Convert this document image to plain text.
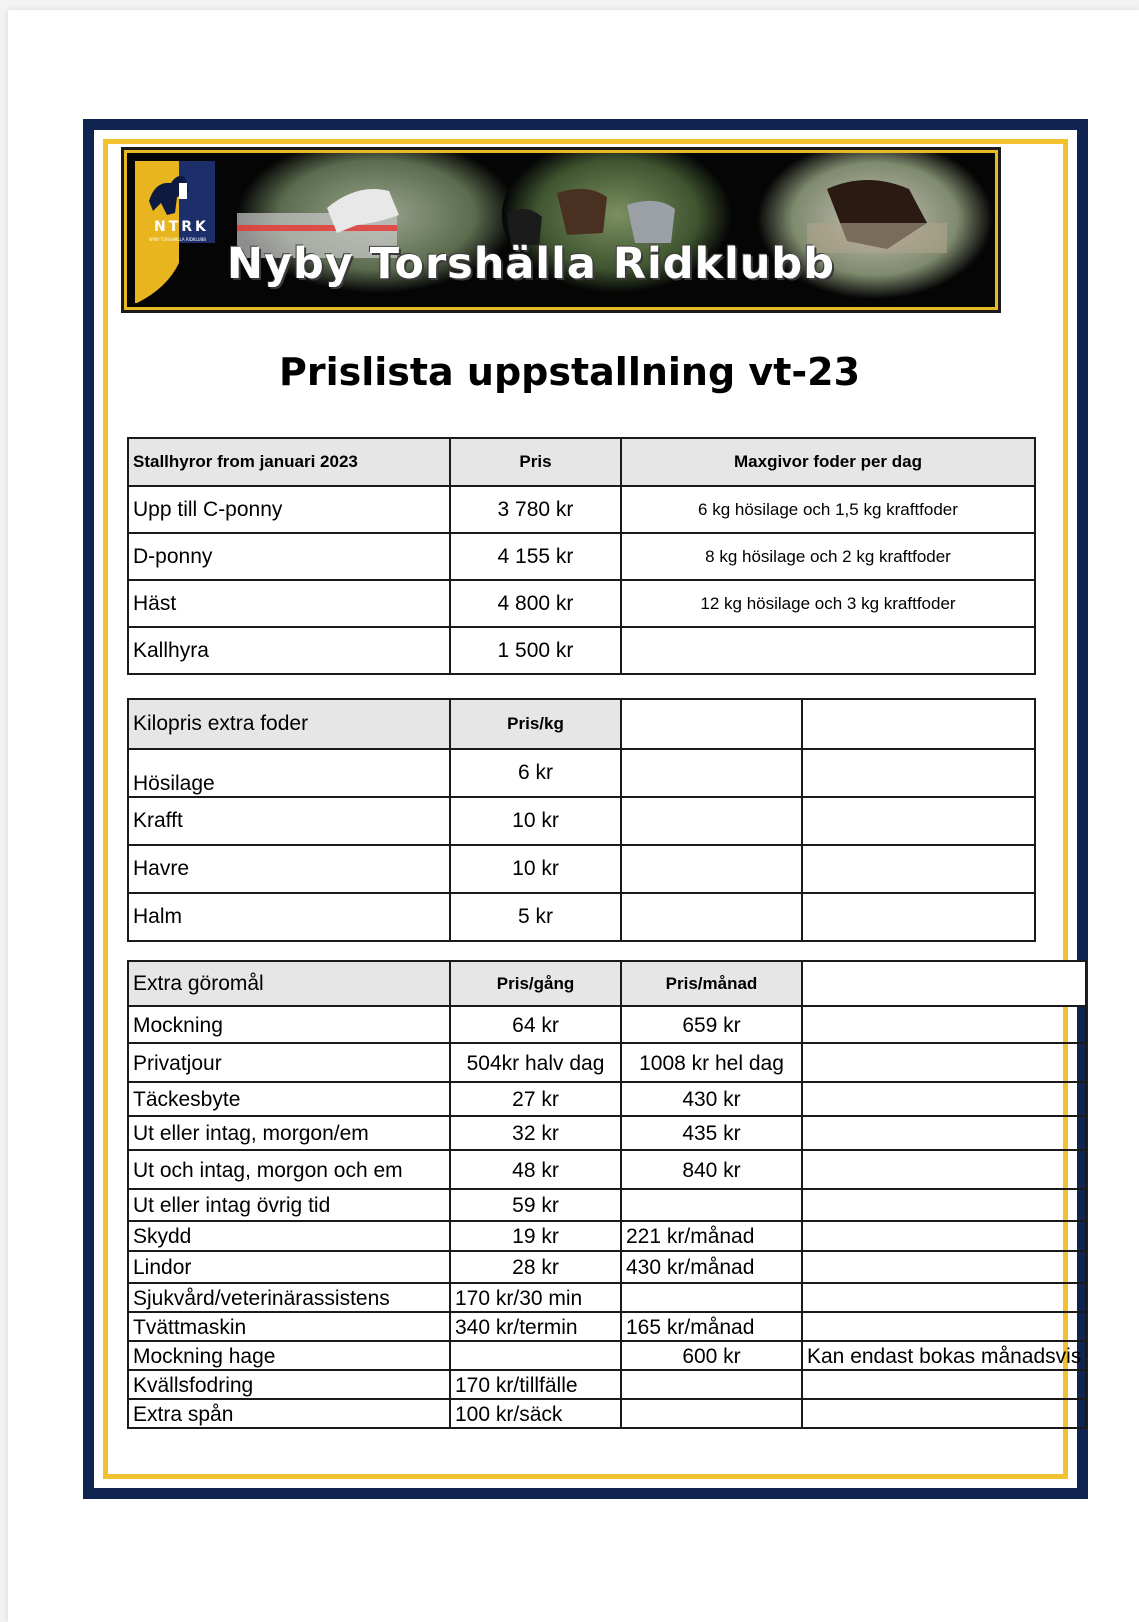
NTRK
NYBY TORSHÄLLA RIDKLUBB Nyby Torshälla Ridklubb
Prislista uppstallning vt-23
Stallhyror from januari 2023	Pris	Maxgivor foder per dag
Upp till C-ponny	3 780 kr	6 kg hösilage och 1,5 kg kraftfoder
D-ponny	4 155 kr	8 kg hösilage och 2 kg kraftfoder
Häst	4 800 kr	12 kg hösilage och 3 kg kraftfoder
Kallhyra	1 500 kr	
Kilopris extra foder	Pris/kg		
Hösilage	6 kr		
Krafft	10 kr		
Havre	10 kr		
Halm	5 kr		
Extra göromål	Pris/gång	Pris/månad	
Mockning	64 kr	659 kr	
Privatjour	504kr halv dag	1008 kr hel dag	
Täckesbyte	27 kr	430 kr	
Ut eller intag, morgon/em	32 kr	435 kr	
Ut och intag, morgon och em	48 kr	840 kr	
Ut eller intag övrig tid	59 kr		
Skydd	19 kr	221 kr/månad	
Lindor	28 kr	430 kr/månad	
Sjukvård/veterinärassistens	170 kr/30 min		
Tvättmaskin	340 kr/termin	165 kr/månad	
Mockning hage		600 kr	Kan endast bokas månadsvis
Kvällsfodring	170 kr/tillfälle		
Extra spån	100 kr/säck		
